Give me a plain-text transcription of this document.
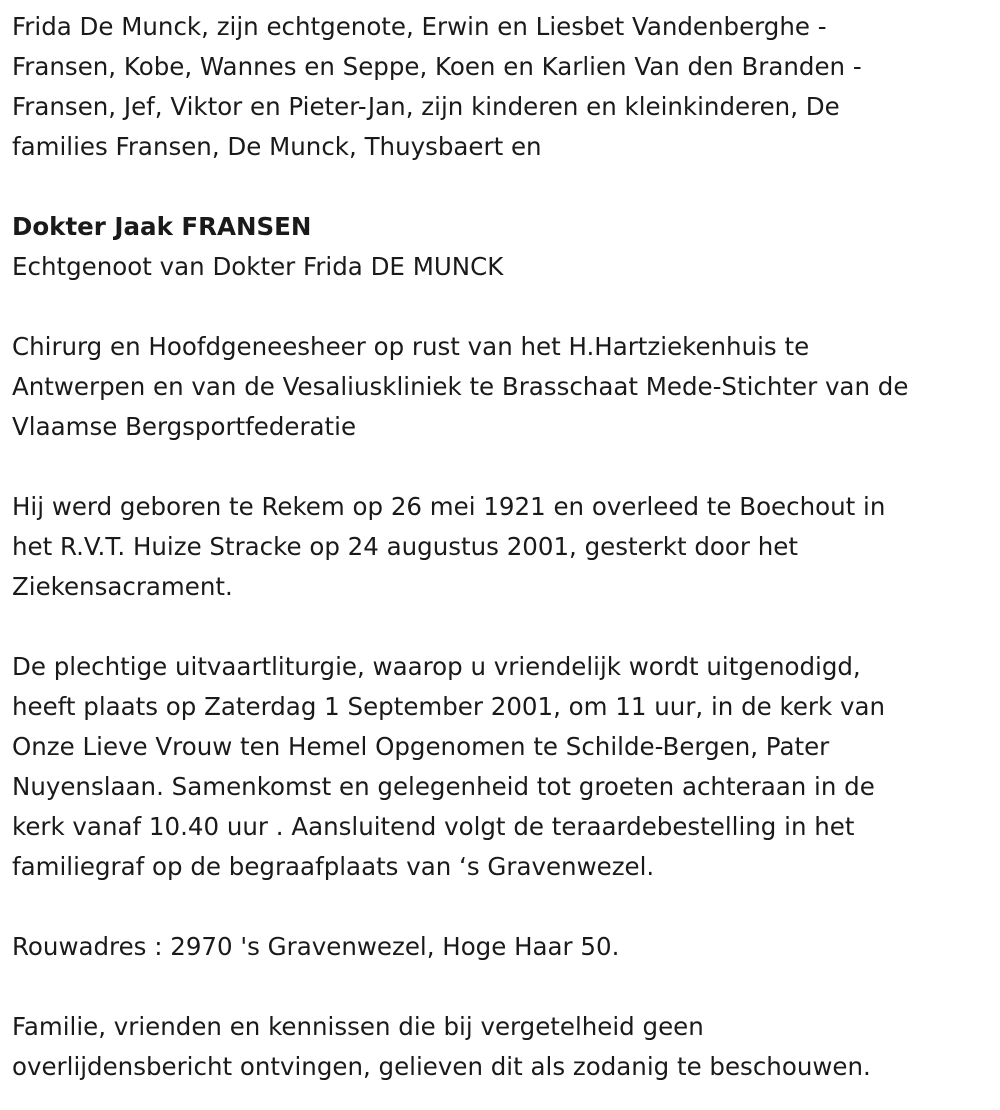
Frida De Munck, zijn echtgenote, Erwin en Liesbet Vandenberghe -
Fransen, Kobe, Wannes en Seppe, Koen en Karlien Van den Branden -
Fransen, Jef, Viktor en Pieter-Jan, zijn kinderen en kleinkinderen, De
families Fransen, De Munck, Thuysbaert en
Dokter Jaak FRANSEN
Echtgenoot van Dokter Frida DE MUNCK
Chirurg en Hoofdgeneesheer op rust van het H.Hartziekenhuis te
Antwerpen en van de Vesaliuskliniek te Brasschaat Mede-Stichter van de
Vlaamse Bergsportfederatie
Hij werd geboren te Rekem op 26 mei 1921 en overleed te Boechout in
het R.V.T. Huize Stracke op 24 augustus 2001, gesterkt door het
Ziekensacrament.
De plechtige uitvaartliturgie, waarop u vriendelijk wordt uitgenodigd,
heeft plaats op Zaterdag 1 September 2001, om 11 uur, in de kerk van
Onze Lieve Vrouw ten Hemel Opgenomen te Schilde-Bergen, Pater
Nuyenslaan. Samenkomst en gelegenheid tot groeten achteraan in de
kerk vanaf 10.40 uur . Aansluitend volgt de teraardebestelling in het
familiegraf op de begraafplaats van ‘s Gravenwezel.
Rouwadres : 2970 's Gravenwezel, Hoge Haar 50.
Familie, vrienden en kennissen die bij vergetelheid geen
overlijdensbericht ontvingen, gelieven dit als zodanig te beschouwen.
